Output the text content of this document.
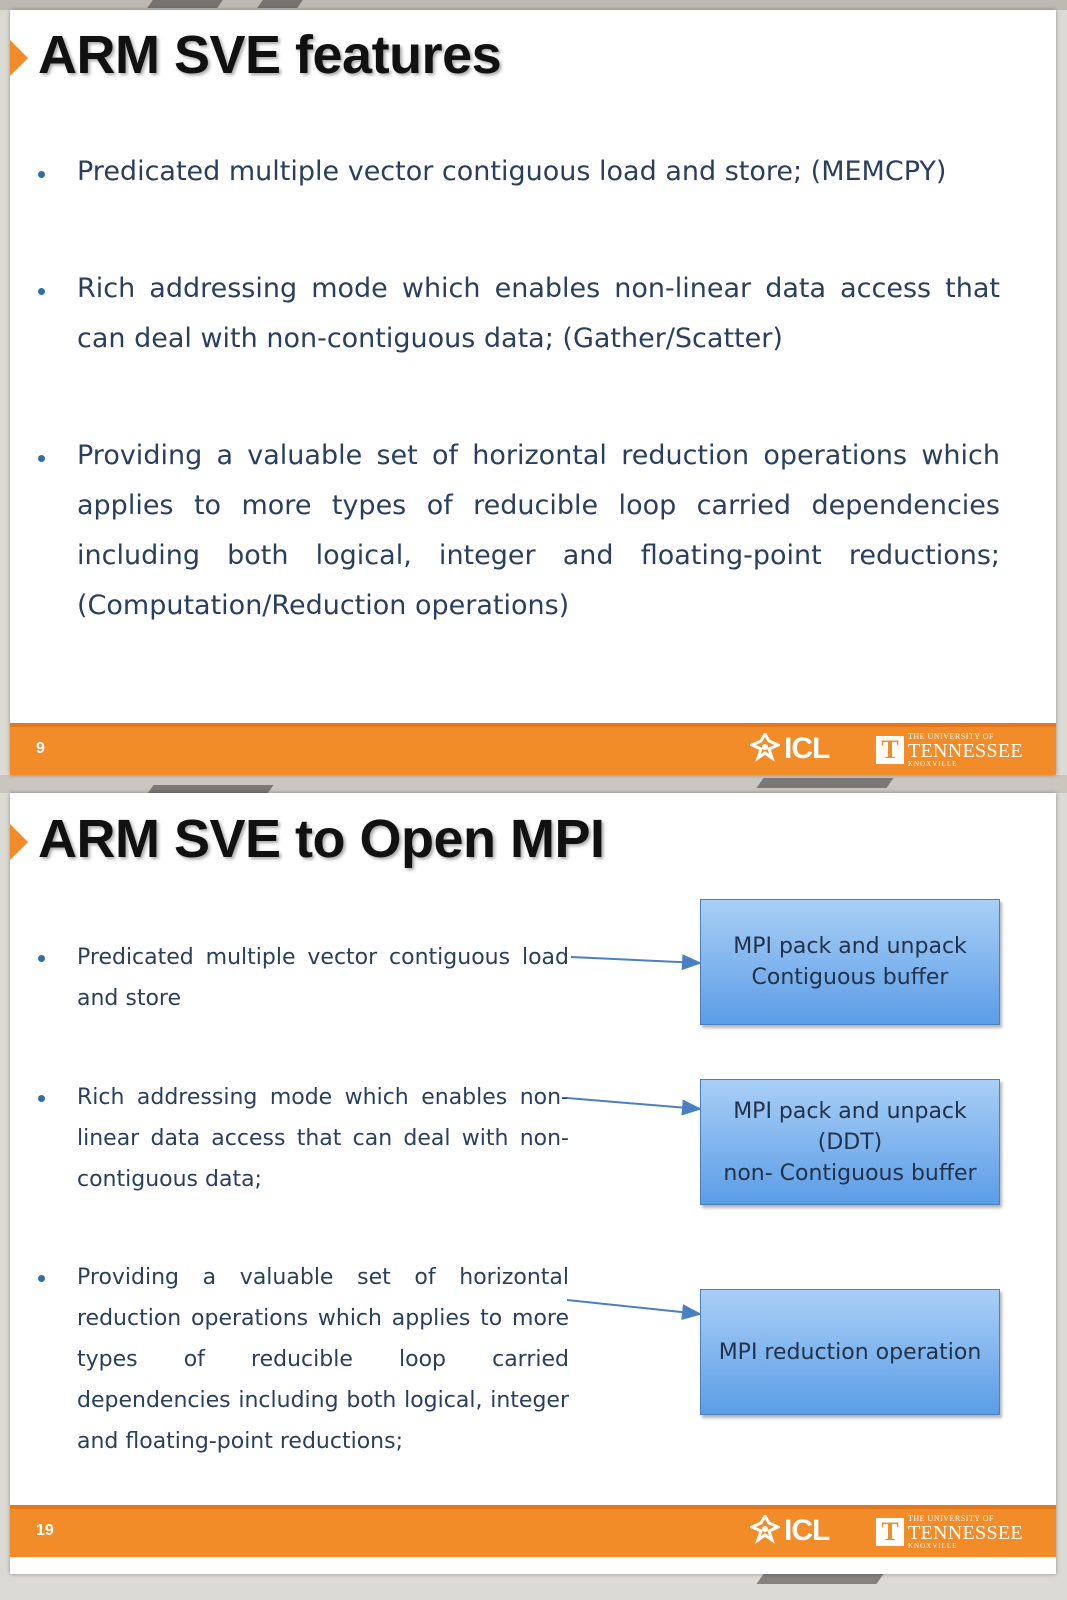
ARM SVE features
Predicated multiple vector contiguous load and store; (MEMCPY)
Rich addressing mode which enables non-linear data access that can deal with non-contiguous data; (Gather/Scatter)
Providing a valuable set of horizontal reduction operations which applies to more types of reducible loop carried dependencies including both logical, integer and floating-point reductions; (Computation/Reduction operations)
9	ICL T	THE UNIVERSITY OF
TENNESSEE
KNOXVILLE
ARM SVE to Open MPI
Predicated multiple vector contiguous load and store
Rich addressing mode which enables non-linear data access that can deal with non-contiguous data;
Providing a valuable set of horizontal reduction operations which applies to more types of reducible loop carried dependencies including both logical, integer and floating-point reductions;
MPI pack and unpack
Contiguous buffer
MPI pack and unpack
(DDT)
non- Contiguous buffer
MPI reduction operation
19	ICL T	THE UNIVERSITY OF
TENNESSEE
KNOXVILLE
